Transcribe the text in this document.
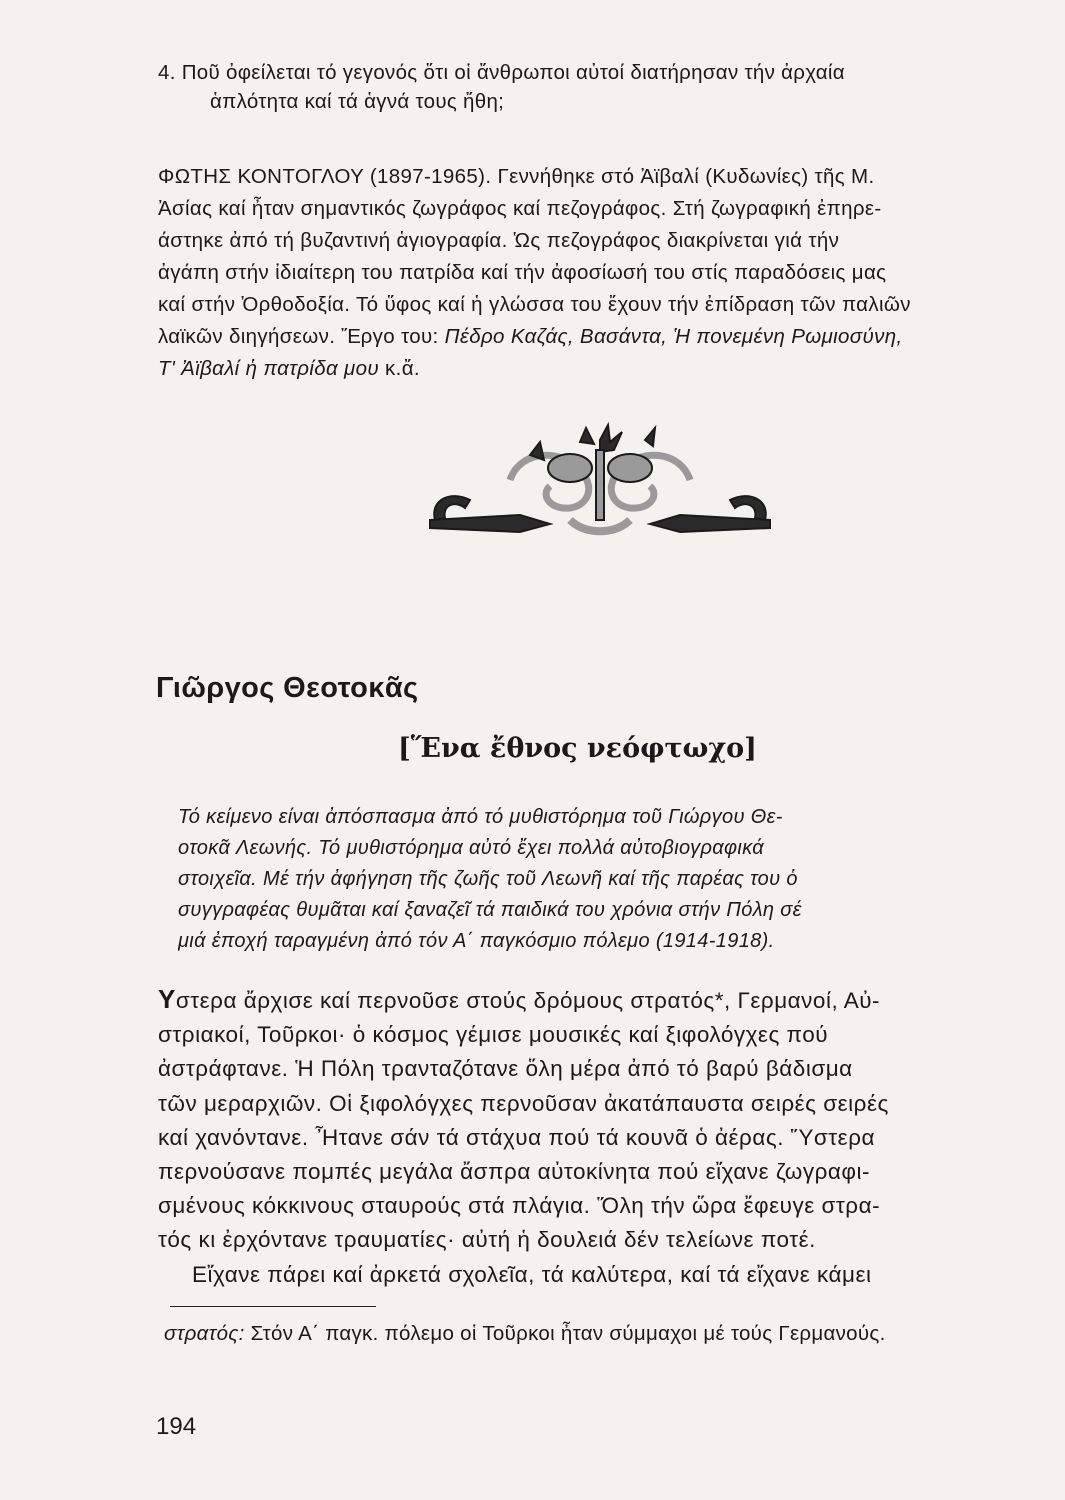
4. Ποῦ ὀφείλεται τό γεγονός ὅτι οἱ ἄνθρωποι αὐτοί διατήρησαν τήν ἀρχαία
ἁπλότητα καί τά ἁγνά τους ἤθη;
ΦΩΤΗΣ ΚΟΝΤΟΓΛΟΥ (1897-1965). Γεννήθηκε στό Ἀϊβαλί (Κυδωνίες) τῆς Μ.
Ἀσίας καί ἦταν σημαντικός ζωγράφος καί πεζογράφος. Στή ζωγραφική ἐπηρε-
άστηκε ἀπό τή βυζαντινή ἁγιογραφία. Ὡς πεζογράφος διακρίνεται γιά τήν
ἀγάπη στήν ἰδιαίτερη του πατρίδα καί τήν ἀφοσίωσή του στίς παραδόσεις μας
καί στήν Ὀρθοδοξία. Τό ὕφος καί ἡ γλώσσα του ἔχουν τήν ἐπίδραση τῶν παλιῶν
λαϊκῶν διηγήσεων. Ἔργο του: Πέδρο Καζάς, Βασάντα, Ἡ πονεμένη Ρωμιοσύνη,
Τ' Ἀϊβαλί ἡ πατρίδα μου κ.ἄ.
Γιῶργος Θεοτοκᾶς
[Ἕνα ἔθνος νεόφτωχο]
Τό κείμενο είναι ἀπόσπασμα ἀπό τό μυθιστόρημα τοῦ Γιώργου Θε-
οτοκᾶ Λεωνής. Τό μυθιστόρημα αὐτό ἔχει πολλά αὐτοβιογραφικά
στοιχεῖα. Μέ τήν ἀφήγηση τῆς ζωῆς τοῦ Λεωνῆ καί τῆς παρέας του ὁ
συγγραφέας θυμᾶται καί ξαναζεῖ τά παιδικά του χρόνια στήν Πόλη σέ
μιά ἐποχή ταραγμένη ἀπό τόν Α΄ παγκόσμιο πόλεμο (1914-1918).
Υστερα ἄρχισε καί περνοῦσε στούς δρόμους στρατός*, Γερμανοί, Αὐ-
στριακοί, Τοῦρκοι· ὁ κόσμος γέμισε μουσικές καί ξιφολόγχες πού
ἀστράφτανε. Ἡ Πόλη τρανταζότανε ὅλη μέρα ἀπό τό βαρύ βάδισμα
τῶν μεραρχιῶν. Οἱ ξιφολόγχες περνοῦσαν ἀκατάπαυστα σειρές σειρές
καί χανόντανε. Ἦτανε σάν τά στάχυα πού τά κουνᾶ ὁ ἀέρας. Ὕστερα
περνούσανε πομπές μεγάλα ἄσπρα αὐτοκίνητα πού εἴχανε ζωγραφι-
σμένους κόκκινους σταυρούς στά πλάγια. Ὅλη τήν ὥρα ἔφευγε στρα-
τός κι ἐρχόντανε τραυματίες· αὐτή ἡ δουλειά δέν τελείωνε ποτέ.
Εἴχανε πάρει καί ἀρκετά σχολεῖα, τά καλύτερα, καί τά εἴχανε κάμει
στρατός: Στόν Α΄ παγκ. πόλεμο οἱ Τοῦρκοι ἦταν σύμμαχοι μέ τούς Γερμανούς.
194
